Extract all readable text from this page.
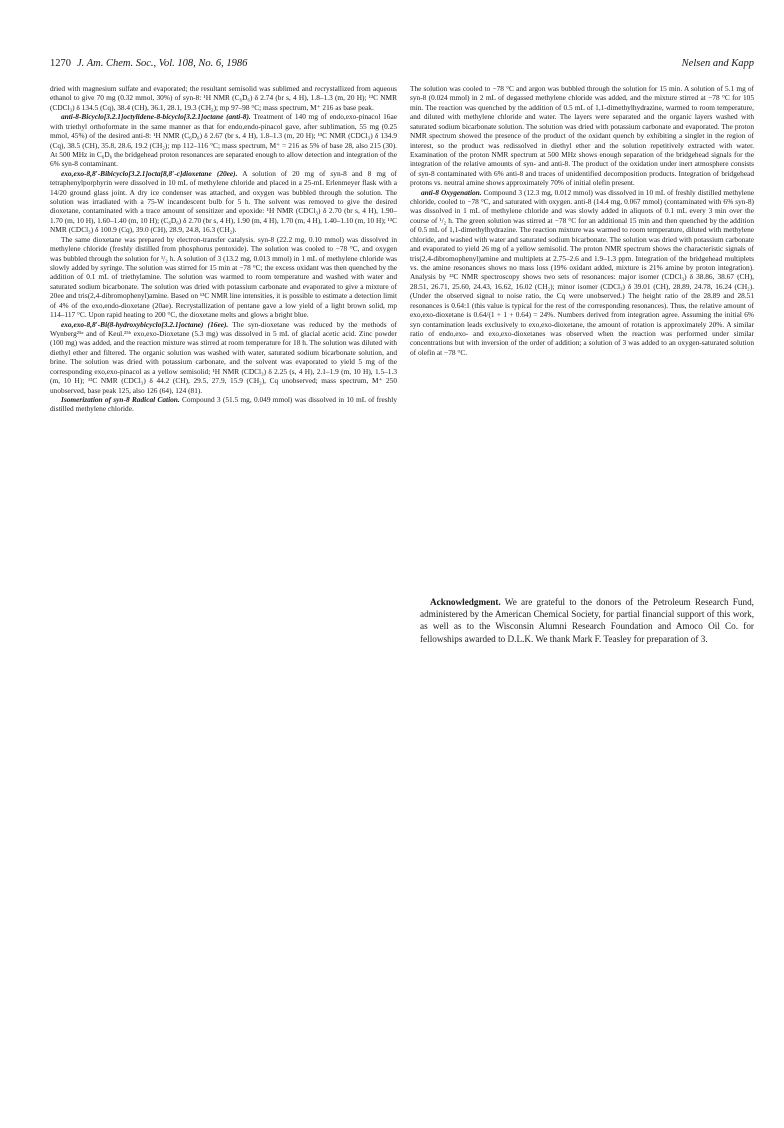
1270 J. Am. Chem. Soc., Vol. 108, No. 6, 1986	Nelsen and Kapp

dried with magnesium sulfate and evaporated; the resultant semisolid was sublimed and recrystallized from aqueous ethanol to give 70 mg (0.32 mmol, 30%) of syn-8: ¹H NMR (C₆D₆) δ 2.74 (br s, 4 H), 1.8–1.3 (m, 20 H); ¹³C NMR (CDCl₃) δ 134.5 (Cq), 38.4 (CH), 36.1, 28.1, 19.3 (CH₂); mp 97–98 °C; mass spectrum, M⁺ 216 as base peak.

anti-8-Bicyclo[3.2.1]octylidene-8-bicyclo[3.2.1]octane (anti-8). Treatment of 140 mg of endo,exo-pinacol 16ae with triethyl orthoformate in the same manner as that for endo,endo-pinacol gave, after sublimation, 55 mg (0.25 mmol, 45%) of the desired anti-8: ¹H NMR (C₆D₆) δ 2.67 (br s, 4 H), 1.8–1.3 (m, 20 H); ¹³C NMR (CDCl₃) δ 134.9 (Cq), 38.5 (CH), 35.8, 28.6, 19.2 (CH₂); mp 112–116 °C; mass spectrum, M⁺ = 216 as 5% of base 28, also 215 (30). At 500 MHz in C₆D₆ the bridgehead proton resonances are separated enough to allow detection and integration of the 6% syn-8 contaminant.

exo,exo-8,8′-Bibicyclo[3.2.1]octa[8,8′-c]dioxetane (20ee). A solution of 20 mg of syn-8 and 8 mg of tetraphenylporphyrin were dissolved in 10 mL of methylene chloride and placed in a 25-mL Erlenmeyer flask with a 14/20 ground glass joint. A dry ice condenser was attached, and oxygen was bubbled through the solution. The solution was irradiated with a 75-W incandescent bulb for 5 h. The solvent was removed to give the desired dioxetane, contaminated with a trace amount of sensitizer and epoxide: ¹H NMR (CDCl₃) δ 2.70 (br s, 4 H), 1.90–1.70 (m, 10 H), 1.60–1.40 (m, 10 H); (C₆D₆) δ 2.70 (br s, 4 H), 1.90 (m, 4 H), 1.70 (m, 4 H), 1.40–1.10 (m, 10 H); ¹³C NMR (CDCl₃) δ 100.9 (Cq), 39.0 (CH), 28.9, 24.8, 16.3 (CH₂).

The same dioxetane was prepared by electron-transfer catalysis. syn-8 (22.2 mg, 0.10 mmol) was dissolved in methylene chloride (freshly distilled from phosphorus pentoxide). The solution was cooled to −78 °C, and oxygen was bubbled through the solution for ¹/₂ h. A solution of 3 (13.2 mg, 0.013 mmol) in 1 mL of methylene chloride was slowly added by syringe. The solution was stirred for 15 min at −78 °C; the excess oxidant was then quenched by the addition of 0.1 mL of triethylamine. The solution was warmed to room temperature and washed with water and saturated sodium bicarbonate. The solution was dried with potassium carbonate and evaporated to give a mixture of 20ee and tris(2,4-dibromophenyl)amine. Based on ¹³C NMR line intensities, it is possible to estimate a detection limit of 4% of the exo,endo-dioxetane (20ae). Recrystallization of pentane gave a low yield of a light brown solid, mp 114–117 °C. Upon rapid heating to 200 °C, the dioxetane melts and glows a bright blue.

exo,exo-8,8′-Bi(8-hydroxybicyclo[3.2.1]octane) (16ee). The syn-dioxetane was reduced by the methods of Wynberg²⁵ᵃ and of Keul.²⁵ᵇ exo,exo-Dioxetane (5.3 mg) was dissolved in 5 mL of glacial acetic acid. Zinc powder (100 mg) was added, and the reaction mixture was stirred at room temperature for 18 h. The solution was diluted with diethyl ether and filtered. The organic solution was washed with water, saturated sodium bicarbonate solution, and brine. The solution was dried with potassium carbonate, and the solvent was evaporated to yield 5 mg of the corresponding exo,exo-pinacol as a yellow semisolid; ¹H NMR (CDCl₃) δ 2.25 (s, 4 H), 2.1–1.9 (m, 10 H), 1.5–1.3 (m, 10 H); ¹³C NMR (CDCl₃) δ 44.2 (CH), 29.5, 27.9, 15.9 (CH₂), Cq unobserved; mass spectrum, M⁺ 250 unobserved, base peak 125, also 126 (64), 124 (81).

Isomerization of syn-8 Radical Cation. Compound 3 (51.5 mg, 0.049 mmol) was dissolved in 10 mL of freshly distilled methylene chloride.

The solution was cooled to −78 °C and argon was bubbled through the solution for 15 min. A solution of 5.1 mg of syn-8 (0.024 mmol) in 2 mL of degassed methylene chloride was added, and the mixture stirred at −78 °C for 105 min. The reaction was quenched by the addition of 0.5 mL of 1,1-dimethylhydrazine, warmed to room temperature, and diluted with methylene chloride and water. The layers were separated and the organic layers washed with saturated sodium bicarbonate solution. The solution was dried with potassium carbonate and evaporated. The proton NMR spectrum showed the presence of the product of the oxidant quench by exhibiting a singlet in the region of interest, so the product was redissolved in diethyl ether and the solution repetitively extracted with water. Examination of the proton NMR spectrum at 500 MHz shows enough separation of the bridgehead signals for the integration of the relative amounts of syn- and anti-8. The product of the oxidation under inert atmosphere consists of syn-8 contaminated with 6% anti-8 and traces of unidentified decomposition products. Integration of bridgehead protons vs. neutral amine shows approximately 70% of initial olefin present.

anti-8 Oxygenation. Compound 3 (12.3 mg, 0.012 mmol) was dissolved in 10 mL of freshly distilled methylene chloride, cooled to −78 °C, and saturated with oxygen. anti-8 (14.4 mg, 0.067 mmol) (contaminated with 6% syn-8) was dissolved in 1 mL of methylene chloride and was slowly added in aliquots of 0.1 mL every 3 min over the course of ¹/₂ h. The green solution was stirred at −78 °C for an additional 15 min and then quenched by the addition of 0.5 mL of 1,1-dimethylhydrazine. The reaction mixture was warmed to room temperature, diluted with methylene chloride, and washed with water and saturated sodium bicarbonate. The solution was dried with potassium carbonate and evaporated to yield 26 mg of a yellow semisolid. The proton NMR spectrum shows the characteristic signals of tris(2,4-dibromophenyl)amine and multiplets at 2.75–2.6 and 1.9–1.3 ppm. Integration of the bridgehead multiplets vs. the amine resonances shows no mass loss (19% oxidant added, mixture is 21% amine by proton integration). Analysis by ¹³C NMR spectroscopy shows two sets of resonances: major isomer (CDCl₃) δ 38.86, 38.67 (CH), 28.51, 26.71, 25.60, 24.43, 16.62, 16.02 (CH₂); minor isomer (CDCl₃) δ 39.01 (CH), 28.89, 24.78, 16.24 (CH₂). (Under the observed signal to noise ratio, the Cq were unobserved.) The height ratio of the 28.89 and 28.51 resonances is 0.64:1 (this value is typical for the rest of the corresponding resonances). Thus, the relative amount of exo,exo-dioxetane is 0.64/(1 + 1 + 0.64) = 24%. Numbers derived from integration agree. Assuming the initial 6% syn contamination leads exclusively to exo,exo-dioxetane, the amount of rotation is approximately 20%. A similar ratio of endo,exo- and exo,exo-dioxetanes was observed when the reaction was performed under similar concentrations but with inversion of the order of addition; a solution of 3 was added to an oxygen-saturated solution of olefin at −78 °C.

Acknowledgment. We are grateful to the donors of the Petroleum Research Fund, administered by the American Chemical Society, for partial financial support of this work, as well as to the Wisconsin Alumni Research Foundation and Amoco Oil Co. for fellowships awarded to D.L.K. We thank Mark F. Teasley for preparation of 3.
